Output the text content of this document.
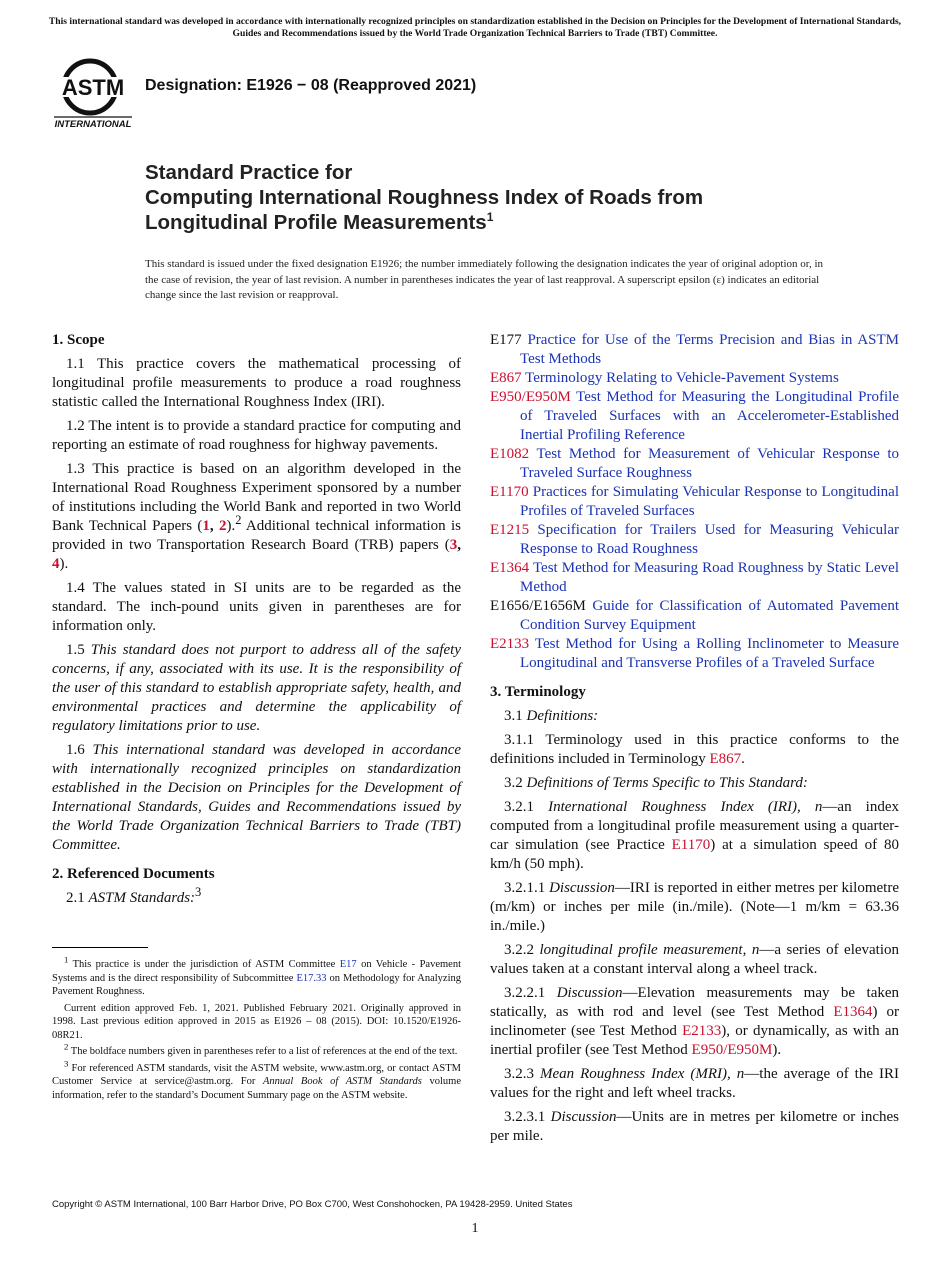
This international standard was developed in accordance with internationally recognized principles on standardization established in the Decision on Principles for the Development of International Standards, Guides and Recommendations issued by the World Trade Organization Technical Barriers to Trade (TBT) Committee.
ASTM
INTERNATIONAL
Designation: E1926 − 08 (Reapproved 2021)
Standard Practice for
Computing International Roughness Index of Roads from
Longitudinal Profile Measurements$^1$
This standard is issued under the fixed designation E1926; the number immediately following the designation indicates the year of original adoption or, in the case of revision, the year of last revision. A number in parentheses indicates the year of last reapproval. A superscript epsilon (ε) indicates an editorial change since the last revision or reapproval.
1. Scope

1.1 This practice covers the mathematical processing of longitudinal profile measurements to produce a road roughness statistic called the International Roughness Index (IRI).

1.2 The intent is to provide a standard practice for computing and reporting an estimate of road roughness for highway pavements.

1.3 This practice is based on an algorithm developed in the International Road Roughness Experiment sponsored by a number of institutions including the World Bank and reported in two World Bank Technical Papers (1, 2).$^2$ Additional technical information is provided in two Transportation Research Board (TRB) papers (3, 4).

1.4 The values stated in SI units are to be regarded as the standard. The inch-pound units given in parentheses are for information only.

1.5 This standard does not purport to address all of the safety concerns, if any, associated with its use. It is the responsibility of the user of this standard to establish appropriate safety, health, and environmental practices and determine the applicability of regulatory limitations prior to use.

1.6 This international standard was developed in accordance with internationally recognized principles on standardization established in the Decision on Principles for the Development of International Standards, Guides and Recommendations issued by the World Trade Organization Technical Barriers to Trade (TBT) Committee.

2. Referenced Documents

2.1 ASTM Standards:$^3$

$^1$ This practice is under the jurisdiction of ASTM Committee E17 on Vehicle - Pavement Systems and is the direct responsibility of Subcommittee E17.33 on Methodology for Analyzing Pavement Roughness.

Current edition approved Feb. 1, 2021. Published February 2021. Originally approved in 1998. Last previous edition approved in 2015 as E1926 – 08 (2015). DOI: 10.1520/E1926-08R21.

$^2$ The boldface numbers given in parentheses refer to a list of references at the end of the text.

$^3$ For referenced ASTM standards, visit the ASTM website, www.astm.org, or contact ASTM Customer Service at service@astm.org. For Annual Book of ASTM Standards volume information, refer to the standard’s Document Summary page on the ASTM website.

E177 Practice for Use of the Terms Precision and Bias in ASTM Test Methods

E867 Terminology Relating to Vehicle-Pavement Systems

E950/E950M Test Method for Measuring the Longitudinal Profile of Traveled Surfaces with an Accelerometer-Established Inertial Profiling Reference

E1082 Test Method for Measurement of Vehicular Response to Traveled Surface Roughness

E1170 Practices for Simulating Vehicular Response to Longitudinal Profiles of Traveled Surfaces

E1215 Specification for Trailers Used for Measuring Vehicular Response to Road Roughness

E1364 Test Method for Measuring Road Roughness by Static Level Method

E1656/E1656M Guide for Classification of Automated Pavement Condition Survey Equipment

E2133 Test Method for Using a Rolling Inclinometer to Measure Longitudinal and Transverse Profiles of a Traveled Surface

3. Terminology

3.1 Definitions:

3.1.1 Terminology used in this practice conforms to the definitions included in Terminology E867.

3.2 Definitions of Terms Specific to This Standard:

3.2.1 International Roughness Index (IRI), n—an index computed from a longitudinal profile measurement using a quarter-car simulation (see Practice E1170) at a simulation speed of 80 km/h (50 mph).

3.2.1.1 Discussion—IRI is reported in either metres per kilometre (m/km) or inches per mile (in./mile). (Note—1 m/km = 63.36 in./mile.)

3.2.2 longitudinal profile measurement, n—a series of elevation values taken at a constant interval along a wheel track.

3.2.2.1 Discussion—Elevation measurements may be taken statically, as with rod and level (see Test Method E1364) or inclinometer (see Test Method E2133), or dynamically, as with an inertial profiler (see Test Method E950/E950M).

3.2.3 Mean Roughness Index (MRI), n—the average of the IRI values for the right and left wheel tracks.

3.2.3.1 Discussion—Units are in metres per kilometre or inches per mile.

Copyright © ASTM International, 100 Barr Harbor Drive, PO Box C700, West Conshohocken, PA 19428-2959. United States
1
